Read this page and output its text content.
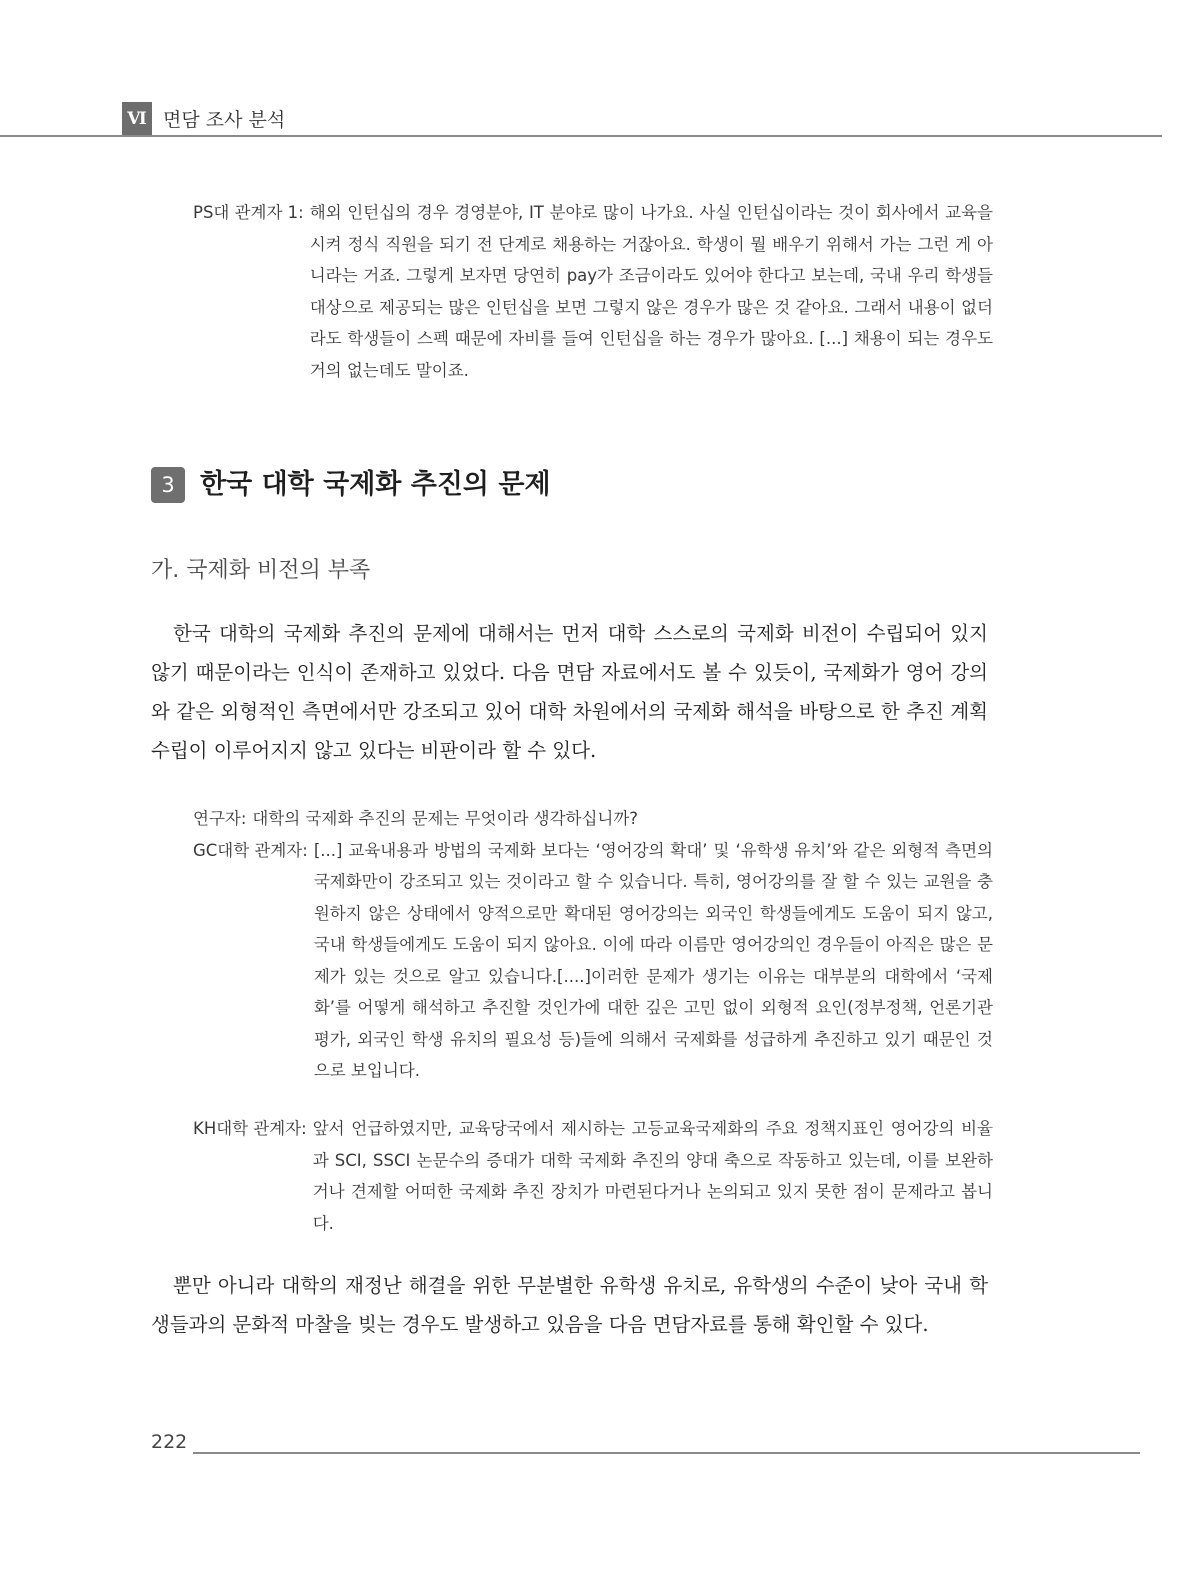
Ⅵ 면담 조사 분석
PS대 관계자 1: 해외 인턴십의 경우 경영분야, IT 분야로 많이 나가요. 사실 인턴십이라는 것이 회사에서 교육을 시켜 정식 직원을 되기 전 단계로 채용하는 거잖아요. 학생이 뭘 배우기 위해서 가는 그런 게 아니라는 거죠. 그렇게 보자면 당연히 pay가 조금이라도 있어야 한다고 보는데, 국내 우리 학생들 대상으로 제공되는 많은 인턴십을 보면 그렇지 않은 경우가 많은 것 같아요. 그래서 내용이 없더라도 학생들이 스펙 때문에 자비를 들여 인턴십을 하는 경우가 많아요. [...] 채용이 되는 경우도 거의 없는데도 말이죠.
3 한국 대학 국제화 추진의 문제
가. 국제화 비전의 부족
한국 대학의 국제화 추진의 문제에 대해서는 먼저 대학 스스로의 국제화 비전이 수립되어 있지 않기 때문이라는 인식이 존재하고 있었다. 다음 면담 자료에서도 볼 수 있듯이, 국제화가 영어 강의와 같은 외형적인 측면에서만 강조되고 있어 대학 차원에서의 국제화 해석을 바탕으로 한 추진 계획 수립이 이루어지지 않고 있다는 비판이라 할 수 있다.
연구자: 대학의 국제화 추진의 문제는 무엇이라 생각하십니까?
GC대학 관계자: [...] 교육내용과 방법의 국제화 보다는 ‘영어강의 확대’ 및 ‘유학생 유치’와 같은 외형적 측면의 국제화만이 강조되고 있는 것이라고 할 수 있습니다. 특히, 영어강의를 잘 할 수 있는 교원을 충원하지 않은 상태에서 양적으로만 확대된 영어강의는 외국인 학생들에게도 도움이 되지 않고, 국내 학생들에게도 도움이 되지 않아요. 이에 따라 이름만 영어강의인 경우들이 아직은 많은 문제가 있는 것으로 알고 있습니다.[....]이러한 문제가 생기는 이유는 대부분의 대학에서 ‘국제화’를 어떻게 해석하고 추진할 것인가에 대한 깊은 고민 없이 외형적 요인(정부정책, 언론기관 평가, 외국인 학생 유치의 필요성 등)들에 의해서 국제화를 성급하게 추진하고 있기 때문인 것으로 보입니다.
KH대학 관계자: 앞서 언급하였지만, 교육당국에서 제시하는 고등교육국제화의 주요 정책지표인 영어강의 비율과 SCI, SSCI 논문수의 증대가 대학 국제화 추진의 양대 축으로 작동하고 있는데, 이를 보완하거나 견제할 어떠한 국제화 추진 장치가 마련된다거나 논의되고 있지 못한 점이 문제라고 봅니다.
뿐만 아니라 대학의 재정난 해결을 위한 무분별한 유학생 유치로, 유학생의 수준이 낮아 국내 학생들과의 문화적 마찰을 빚는 경우도 발생하고 있음을 다음 면담자료를 통해 확인할 수 있다.
222
